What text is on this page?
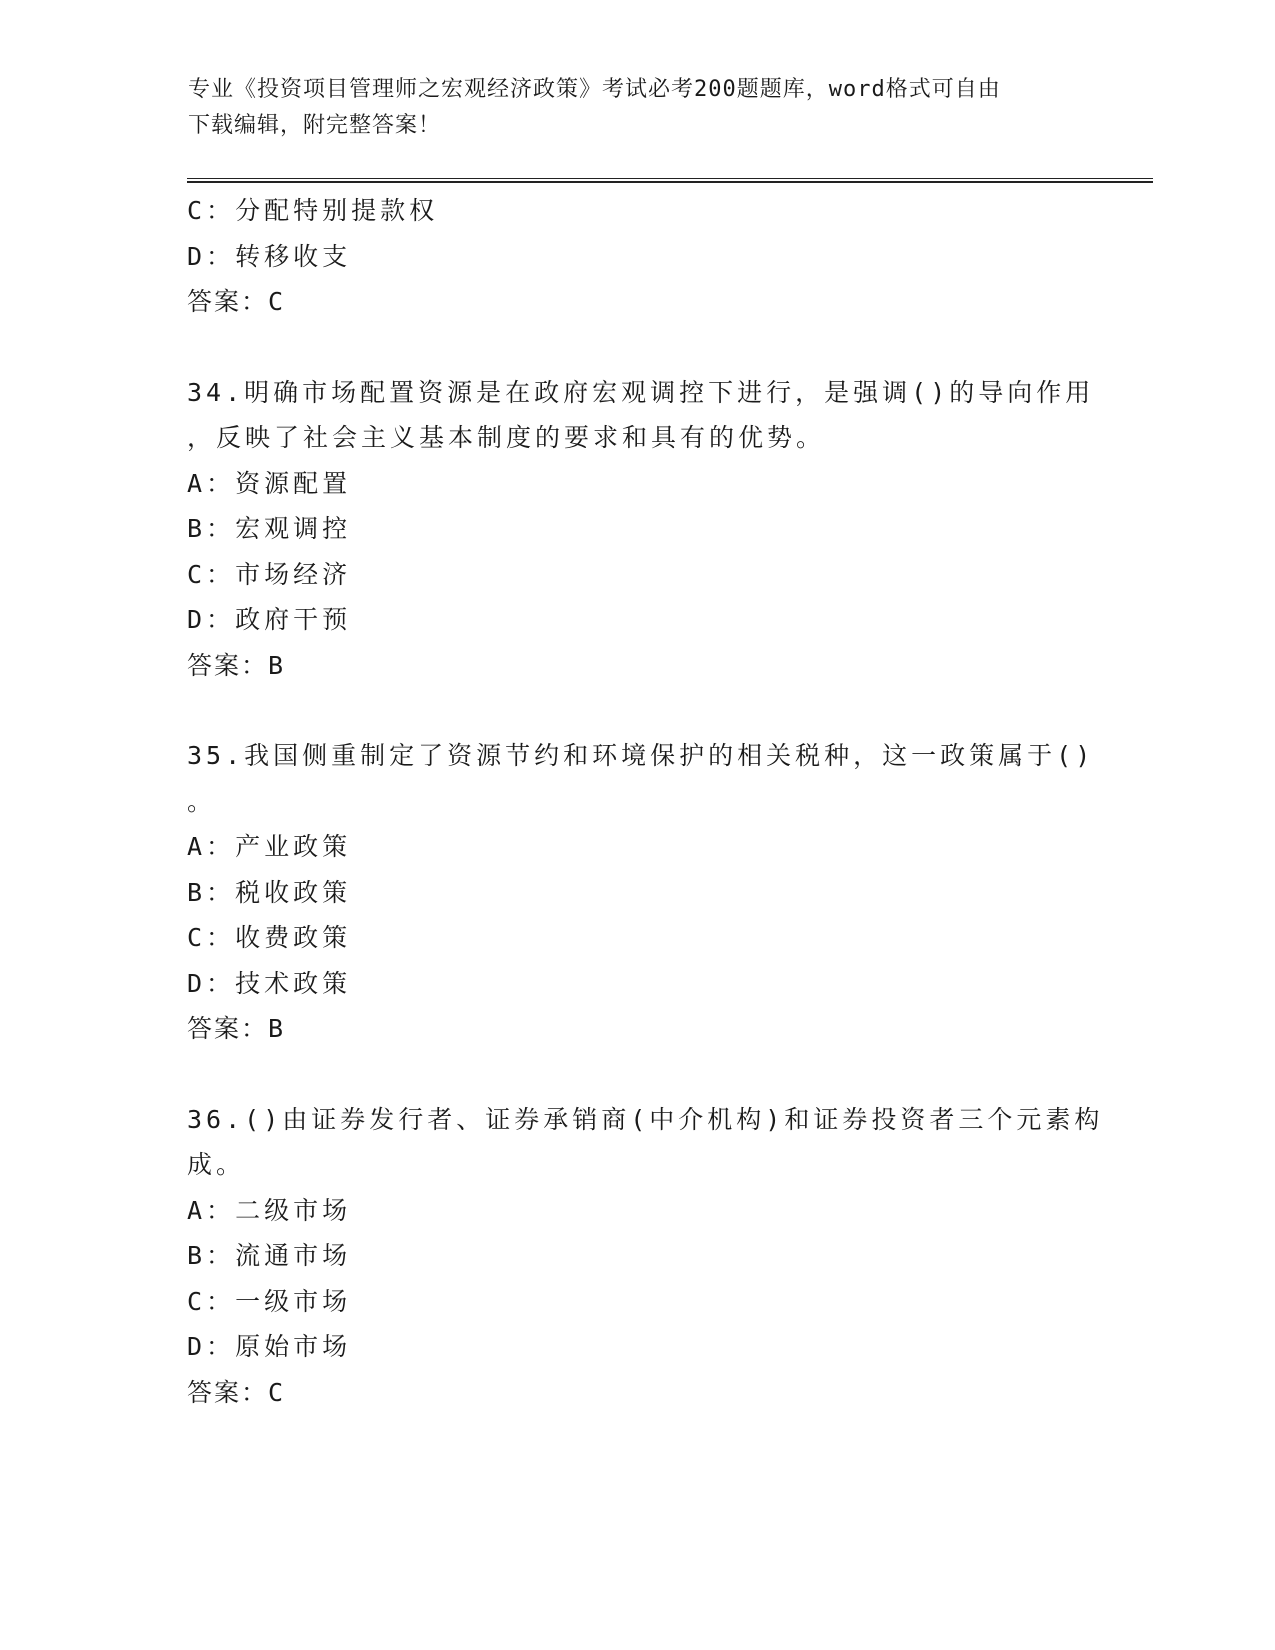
专业《投资项目管理师之宏观经济政策》考试必考200题题库，word格式可自由
下载编辑，附完整答案！
C：分配特别提款权
D：转移收支
答案：C
34.明确市场配置资源是在政府宏观调控下进行，是强调()的导向作用
，反映了社会主义基本制度的要求和具有的优势。
A：资源配置
B：宏观调控
C：市场经济
D：政府干预
答案：B
35.我国侧重制定了资源节约和环境保护的相关税种，这一政策属于()
。
A：产业政策
B：税收政策
C：收费政策
D：技术政策
答案：B
36.()由证券发行者、证券承销商(中介机构)和证券投资者三个元素构
成。
A：二级市场
B：流通市场
C：一级市场
D：原始市场
答案：C
